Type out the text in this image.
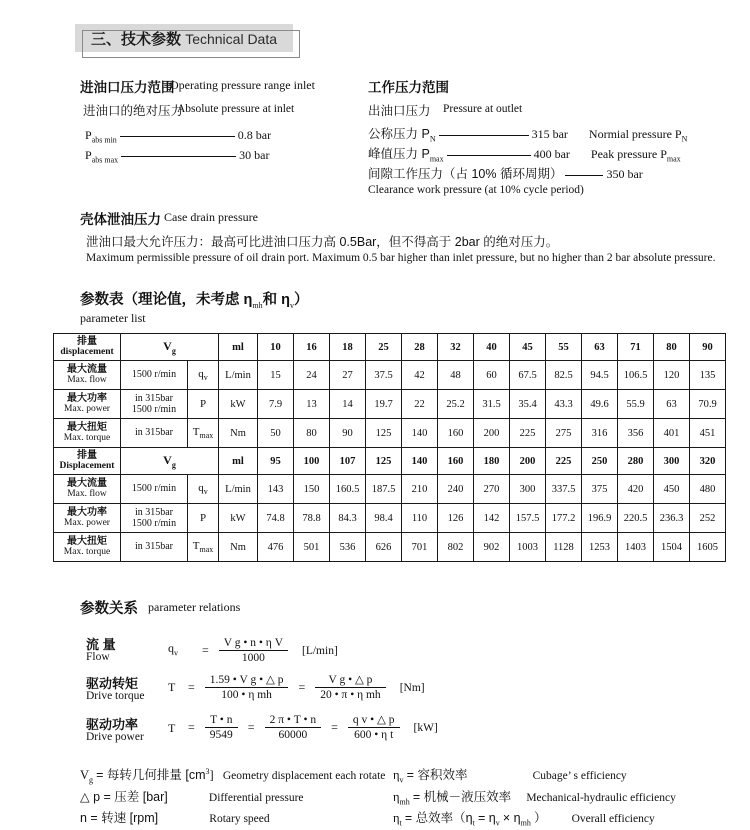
三、技术参数 Technical Data
进油口压力范围
Operating pressure range inlet
进油口的绝对压力
Absolute pressure at inlet
$P_{abs min}$	0.8 bar
$P_{abs max}$	30 bar
工作压力范围
出油口压力 Pressure at outlet
公称压力 $P_N$	315 bar Normial pressure $P_N$
峰值压力 $P_{max}$	400 bar Peak pressure $P_{max}$
间隙工作压力（占 10% 循环周期）	350 bar
Clearance work pressure (at 10% cycle period)
壳体泄油压力 Case drain pressure
泄油口最大允许压力：最高可比进油口压力高 0.5Bar，但不得高于 2bar 的绝对压力。
Maximum permissible pressure of oil drain port. Maximum 0.5 bar higher than inlet pressure, but no higher than 2 bar absolute pressure.
参数表（理论值，未考虑 $\eta_{mh}$和 $\eta_v$）
parameter list
排量
displacement	$V_g$		ml	10	16	18	25	28	32	40	45	55	63	71	80	90

最大流量
Max. flow	1500 r/min	$q_v$	L/min	15	24	27	37.5	42	48	60	67.5	82.5	94.5	106.5	120	135

最大功率
Max. power	in 315bar
1500 r/min	P	kW	7.9	13	14	19.7	22	25.2	31.5	35.4	43.3	49.6	55.9	63	70.9

最大扭矩
Max. torque	in 315bar	$T_{max}$	Nm	50	80	90	125	140	160	200	225	275	316	356	401	451

排量
Displacement	$V_g$		ml	95	100	107	125	140	160	180	200	225	250	280	300	320

最大流量
Max. flow	1500 r/min	$q_v$	L/min	143	150	160.5	187.5	210	240	270	300	337.5	375	420	450	480

最大功率
Max. power	in 315bar
1500 r/min	P	kW	74.8	78.8	84.3	98.4	110	126	142	157.5	177.2	196.9	220.5	236.3	252

最大扭矩
Max. torque	in 315bar	$T_{max}$	Nm	476	501	536	626	701	802	902	1003	1128	1253	1403	1504	1605
参数关系 parameter relations
流 量
Flow
$q_v$	= $\frac{\text{V g • n • η V}}{1000} [L/\min]$
驱动转矩
Drive torque
T	= $\frac{\text{1.59 • V g • △ p}}{\text{100 • η mh}} = \frac{\text{V g • △ p}}{\text{20 • π • η mh}} [Nm]$
驱动功率
Drive power
T	= $\frac{T • n}{9549} = \frac{2 \pi • T • n}{60000} = \frac{\text{q v • △ p}}{\text{600 • η t}} [kW]$
$V_g$ = 每转几何排量 $[cm^3]$ Geometry displacement each rotate
△ p = 压差 [bar]	Differential pressure
n = 转速 [rpm]	Rotary speed
$\eta_v$ = 容积效率	Cubage’ s efficiency
$\eta_{mh}$ = 机械－液压效率 Mechanical-hydraulic efficiency
$\eta_t$ = 总效率（$\eta_t = \eta_v \times \eta_{mh}$ ） Overall efficiency
